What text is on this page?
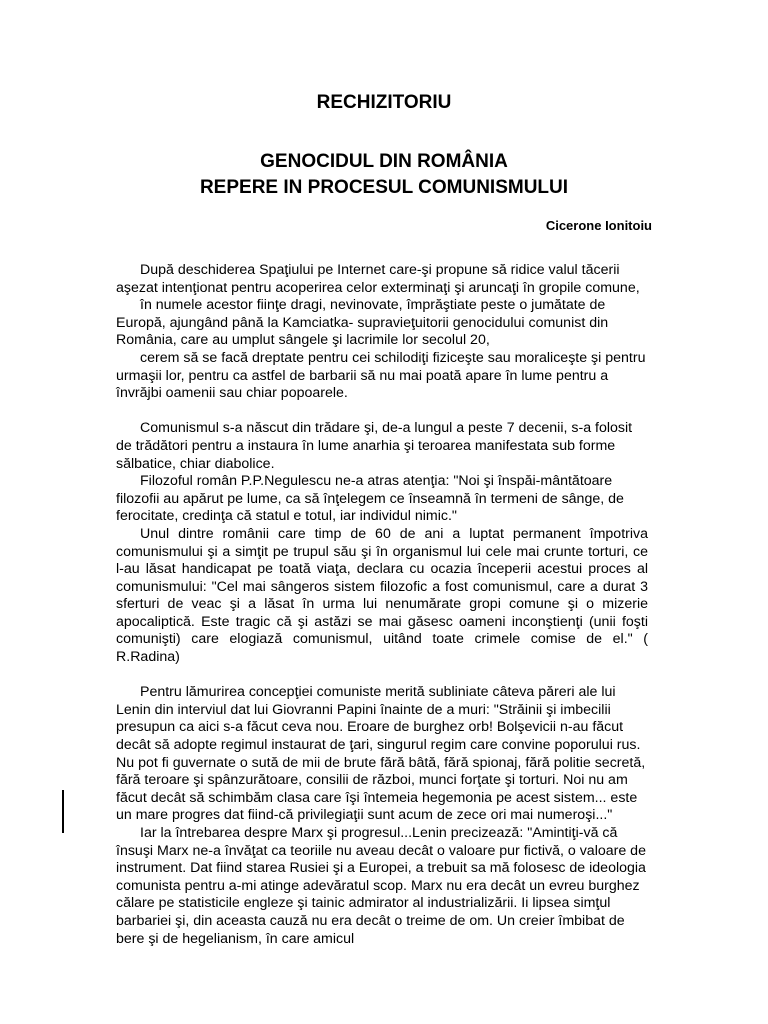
RECHIZITORIU
GENOCIDUL DIN ROMÂNIA
REPERE IN PROCESUL COMUNISMULUI
Cicerone Ionitoiu

După deschiderea Spaţiului pe Internet care-şi propune să ridice valul tăcerii aşezat intenţionat pentru acoperirea celor exterminaţi şi aruncaţi în gropile comune,

în numele acestor fiinţe dragi, nevinovate, împrăştiate peste o jumătate de Europă, ajungând până la Kamciatka- supravieţuitorii genocidului comunist din România, care au umplut sângele şi lacrimile lor secolul 20,

cerem să se facă dreptate pentru cei schilodiţi fiziceşte sau moraliceşte şi pentru urmaşii lor, pentru ca astfel de barbarii să nu mai poată apare în lume pentru a învrăjbi oamenii sau chiar popoarele.

Comunismul s-a născut din trădare şi, de-a lungul a peste 7 decenii, s-a folosit de trădători pentru a instaura în lume anarhia şi teroarea manifestata sub forme sălbatice, chiar diabolice.

Filozoful român P.P.Negulescu ne-a atras atenţia: "Noi şi înspăi-mântătoare filozofii au apărut pe lume, ca să înţelegem ce înseamnă în termeni de sânge, de ferocitate, credinţa că statul e totul, iar individul nimic."

Unul dintre românii care timp de 60 de ani a luptat permanent împotriva comunismului şi a simţit pe trupul său şi în organismul lui cele mai crunte torturi, ce l-au lăsat handicapat pe toată viaţa, declara cu ocazia începerii acestui proces al comunismului: "Cel mai sângeros sistem filozofic a fost comunismul, care a durat 3 sferturi de veac şi a lăsat în urma lui nenumărate gropi comune şi o mizerie apocaliptică. Este tragic că şi astăzi se mai găsesc oameni inconştienţi (unii foşti comunişti) care elogiază comunismul, uitând toate crimele comise de el." ( R.Radina)

Pentru lămurirea concepţiei comuniste merită subliniate câteva păreri ale lui Lenin din interviul dat lui Giovranni Papini înainte de a muri: "Străinii şi imbecilii presupun ca aici s-a făcut ceva nou. Eroare de burghez orb! Bolşevicii n-au făcut decât să adopte regimul instaurat de ţari, singurul regim care convine poporului rus. Nu pot fi guvernate o sută de mii de brute fără bâtă, fără spionaj, fără politie secretă, fără teroare şi spânzurătoare, consilii de război, munci forţate şi torturi. Noi nu am făcut decât să schimbăm clasa care îşi întemeia hegemonia pe acest sistem... este un mare progres dat fiind-că privilegiaţii sunt acum de zece ori mai numeroşi..."

Iar la întrebarea despre Marx şi progresul...Lenin precizează: "Amintiţi-vă că însuşi Marx ne-a învăţat ca teoriile nu aveau decât o valoare pur fictivă, o valoare de instrument. Dat fiind starea Rusiei şi a Europei, a trebuit sa mă folosesc de ideologia comunista pentru a-mi atinge adevăratul scop. Marx nu era decât un evreu burghez călare pe statisticile engleze şi tainic admirator al industrializării. Ii lipsea simţul barbariei şi, din aceasta cauză nu era decât o treime de om. Un creier îmbibat de bere şi de hegelianism, în care amicul
